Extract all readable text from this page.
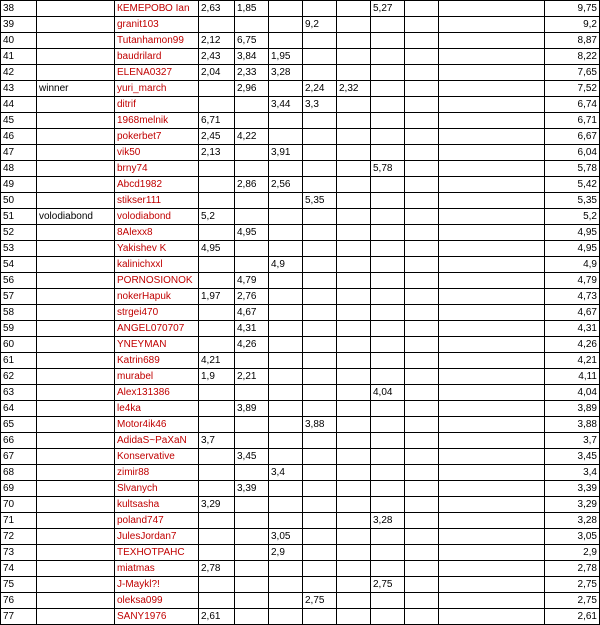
38		КЕМЕРОВО Ian	2,63	1,85				5,27			9,75
39		granit103				9,2					9,2
40		Tutanhamon99	2,12	6,75							8,87
41		baudrilard	2,43	3,84	1,95						8,22
42		ELENA0327	2,04	2,33	3,28						7,65
43	winner	yuri_march		2,96		2,24	2,32				7,52
44		ditrif			3,44	3,3					6,74
45		1968melnik	6,71								6,71
46		pokerbet7	2,45	4,22							6,67
47		vik50	2,13		3,91						6,04
48		brny74						5,78			5,78
49		Abcd1982		2,86	2,56						5,42
50		stikser111				5,35					5,35
51	volodiabond	volodiabond	5,2								5,2
52		8Alexx8		4,95							4,95
53		Yakishev K	4,95								4,95
54		kalinichxxl			4,9						4,9
56		PORNOSIONOK		4,79							4,79
57		nokerHapuk	1,97	2,76							4,73
58		strgei470		4,67							4,67
59		ANGEL070707		4,31							4,31
60		YNEYMAN		4,26							4,26
61		Katrin689	4,21								4,21
62		murabel	1,9	2,21							4,11
63		Alex131386						4,04			4,04
64		le4ka		3,89							3,89
65		Motor4ik46				3,88					3,88
66		AdidaS~PaXaN	3,7								3,7
67		Konservative		3,45							3,45
68		zimir88			3,4						3,4
69		Slvanych		3,39							3,39
70		kultsasha	3,29								3,29
71		poland747						3,28			3,28
72		JulesJordan7			3,05						3,05
73		TEXHOTPAHC			2,9						2,9
74		miatmas	2,78								2,78
75		J-Maykl?!						2,75			2,75
76		oleksa099				2,75					2,75
77		SANY1976	2,61								2,61
